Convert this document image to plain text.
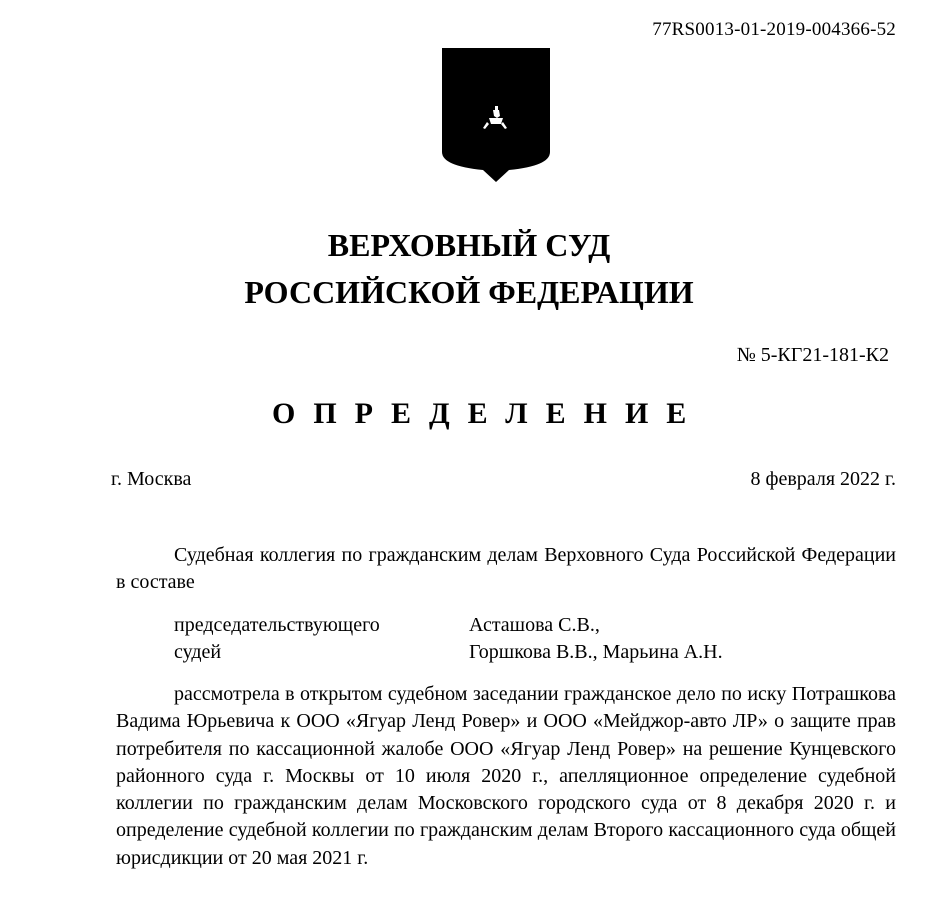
77RS0013-01-2019-004366-52
ВЕРХОВНЫЙ СУД
РОССИЙСКОЙ ФЕДЕРАЦИИ
№ 5-КГ21-181-К2
ОПРЕДЕЛЕНИЕ
г. Москва	8 февраля 2022 г.

Судебная коллегия по гражданским делам Верховного Суда Российской Федерации в составе

председательствующего	Асташова С.В.,
судей	Горшкова В.В., Марьина А.Н.

рассмотрела в открытом судебном заседании гражданское дело по иску Потрашкова Вадима Юрьевича к ООО «Ягуар Ленд Ровер» и ООО «Мейджор-авто ЛР» о защите прав потребителя по кассационной жалобе ООО «Ягуар Ленд Ровер» на решение Кунцевского районного суда г. Москвы от 10 июля 2020 г., апелляционное определение судебной коллегии по гражданским делам Московского городского суда от 8 декабря 2020 г. и определение судебной коллегии по гражданским делам Второго кассационного суда общей юрисдикции от 20 мая 2021 г.
